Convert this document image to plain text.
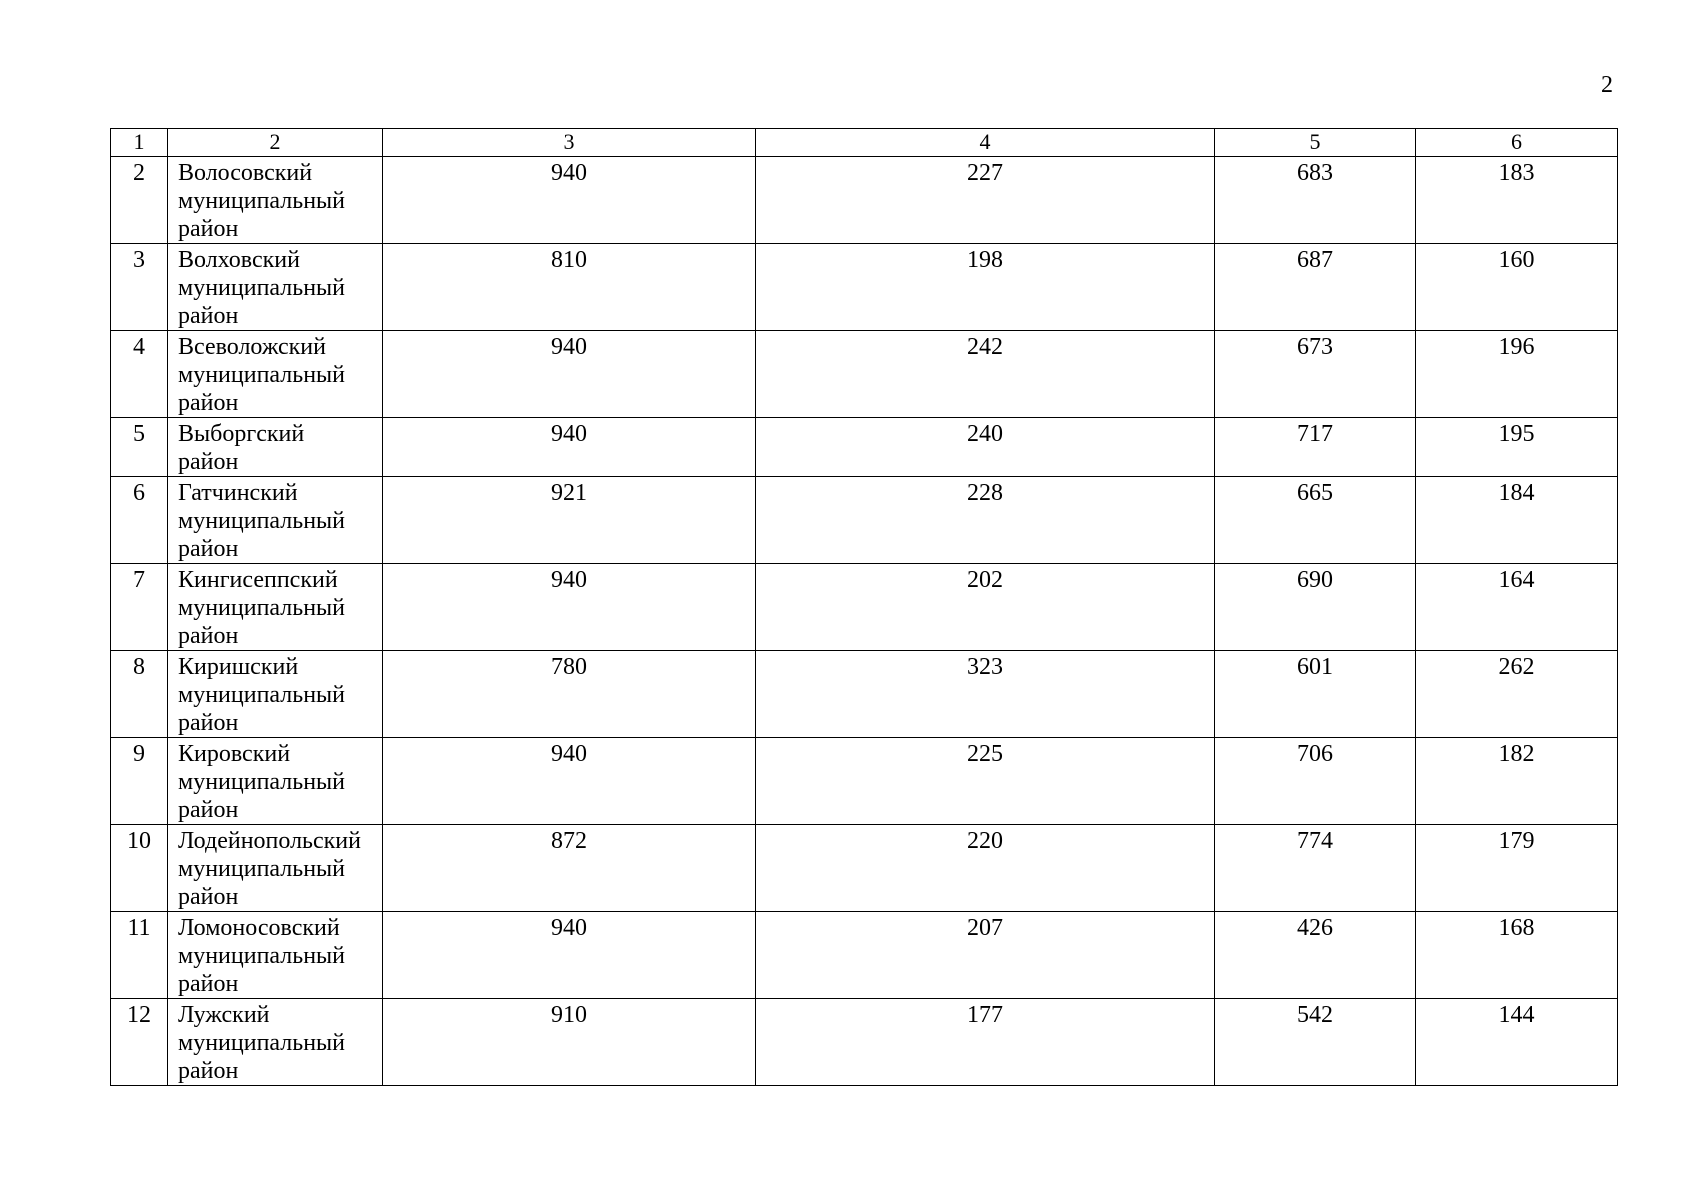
2
1	2	3	4	5	6
2	Волосовский
муниципальный
район	940	227	683	183
3	Волховский
муниципальный
район	810	198	687	160
4	Всеволожский
муниципальный
район	940	242	673	196
5	Выборгский
район	940	240	717	195
6	Гатчинский
муниципальный
район	921	228	665	184
7	Кингисеппский
муниципальный
район	940	202	690	164
8	Киришский
муниципальный
район	780	323	601	262
9	Кировский
муниципальный
район	940	225	706	182
10	Лодейнопольский
муниципальный
район	872	220	774	179
11	Ломоносовский
муниципальный
район	940	207	426	168
12	Лужский
муниципальный
район	910	177	542	144
